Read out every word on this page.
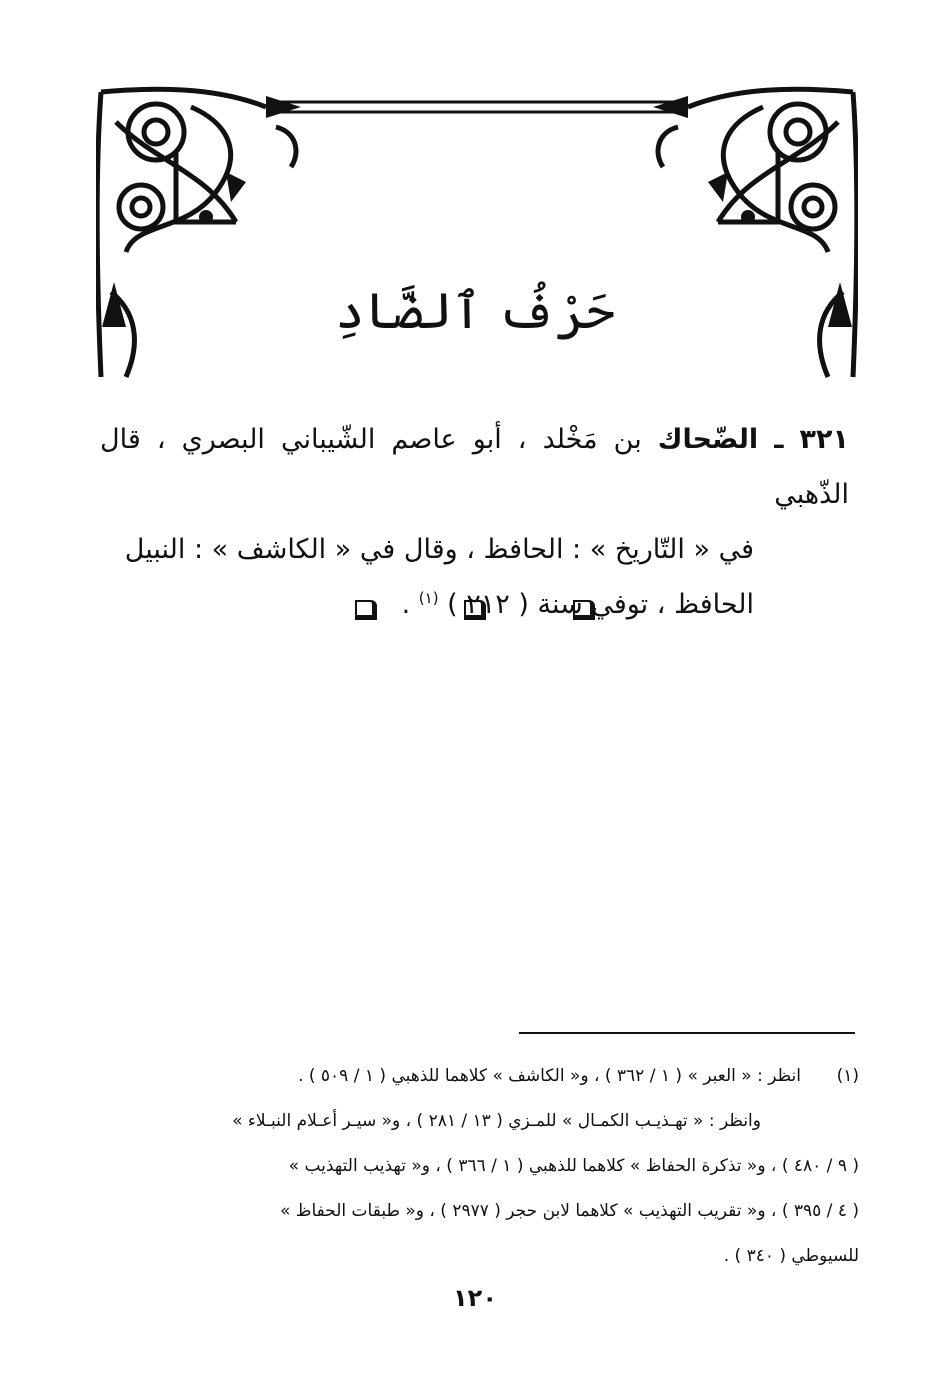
حَرْفُ ٱلضَّادِ
٣٢١ ـ الضّحاك بن مَخْلد ، أبو عاصم الشّيباني البصري ، قال الذّهبي
في « التّاريخ » : الحافظ ، وقال في « الكاشف » : النبيل
الحافظ ، توفي سنة ( ٢١٢ ) $^{(١)}$ .
(١)انظر : « العبر » ( ١ / ٣٦٢ ) ، و« الكاشف » كلاهما للذهبي ( ١ / ٥٠٩ ) .
وانظر : « تهـذيـب الكمـال » للمـزي ( ١٣ / ٢٨١ ) ، و« سيـر أعـلام النبـلاء »
( ٩ / ٤٨٠ ) ، و« تذكرة الحفاظ » كلاهما للذهبي ( ١ / ٣٦٦ ) ، و« تهذيب التهذيب »
( ٤ / ٣٩٥ ) ، و« تقريب التهذيب » كلاهما لابن حجر ( ٢٩٧٧ ) ، و« طبقات الحفاظ »
للسيوطي ( ٣٤٠ ) .
١٢٠
